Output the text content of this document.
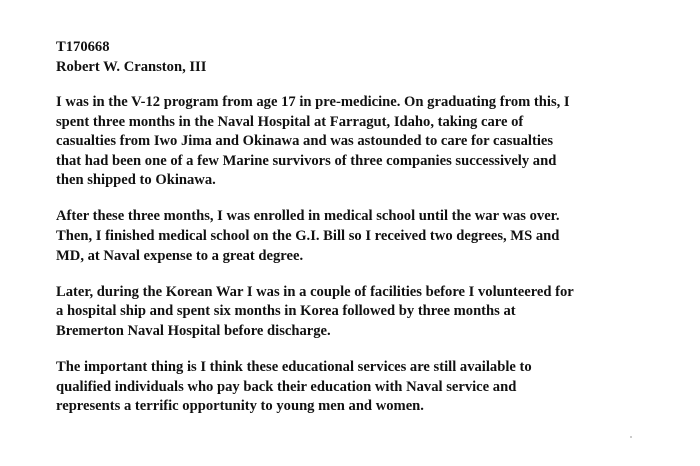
T170668
Robert W. Cranston, III

I was in the V-12 program from age 17 in pre-medicine. On graduating from this, I
spent three months in the Naval Hospital at Farragut, Idaho, taking care of
casualties from Iwo Jima and Okinawa and was astounded to care for casualties
that had been one of a few Marine survivors of three companies successively and
then shipped to Okinawa.

After these three months, I was enrolled in medical school until the war was over.
Then, I finished medical school on the G.I. Bill so I received two degrees, MS and
MD, at Naval expense to a great degree.

Later, during the Korean War I was in a couple of facilities before I volunteered for
a hospital ship and spent six months in Korea followed by three months at
Bremerton Naval Hospital before discharge.

The important thing is I think these educational services are still available to
qualified individuals who pay back their education with Naval service and
represents a terrific opportunity to young men and women.
